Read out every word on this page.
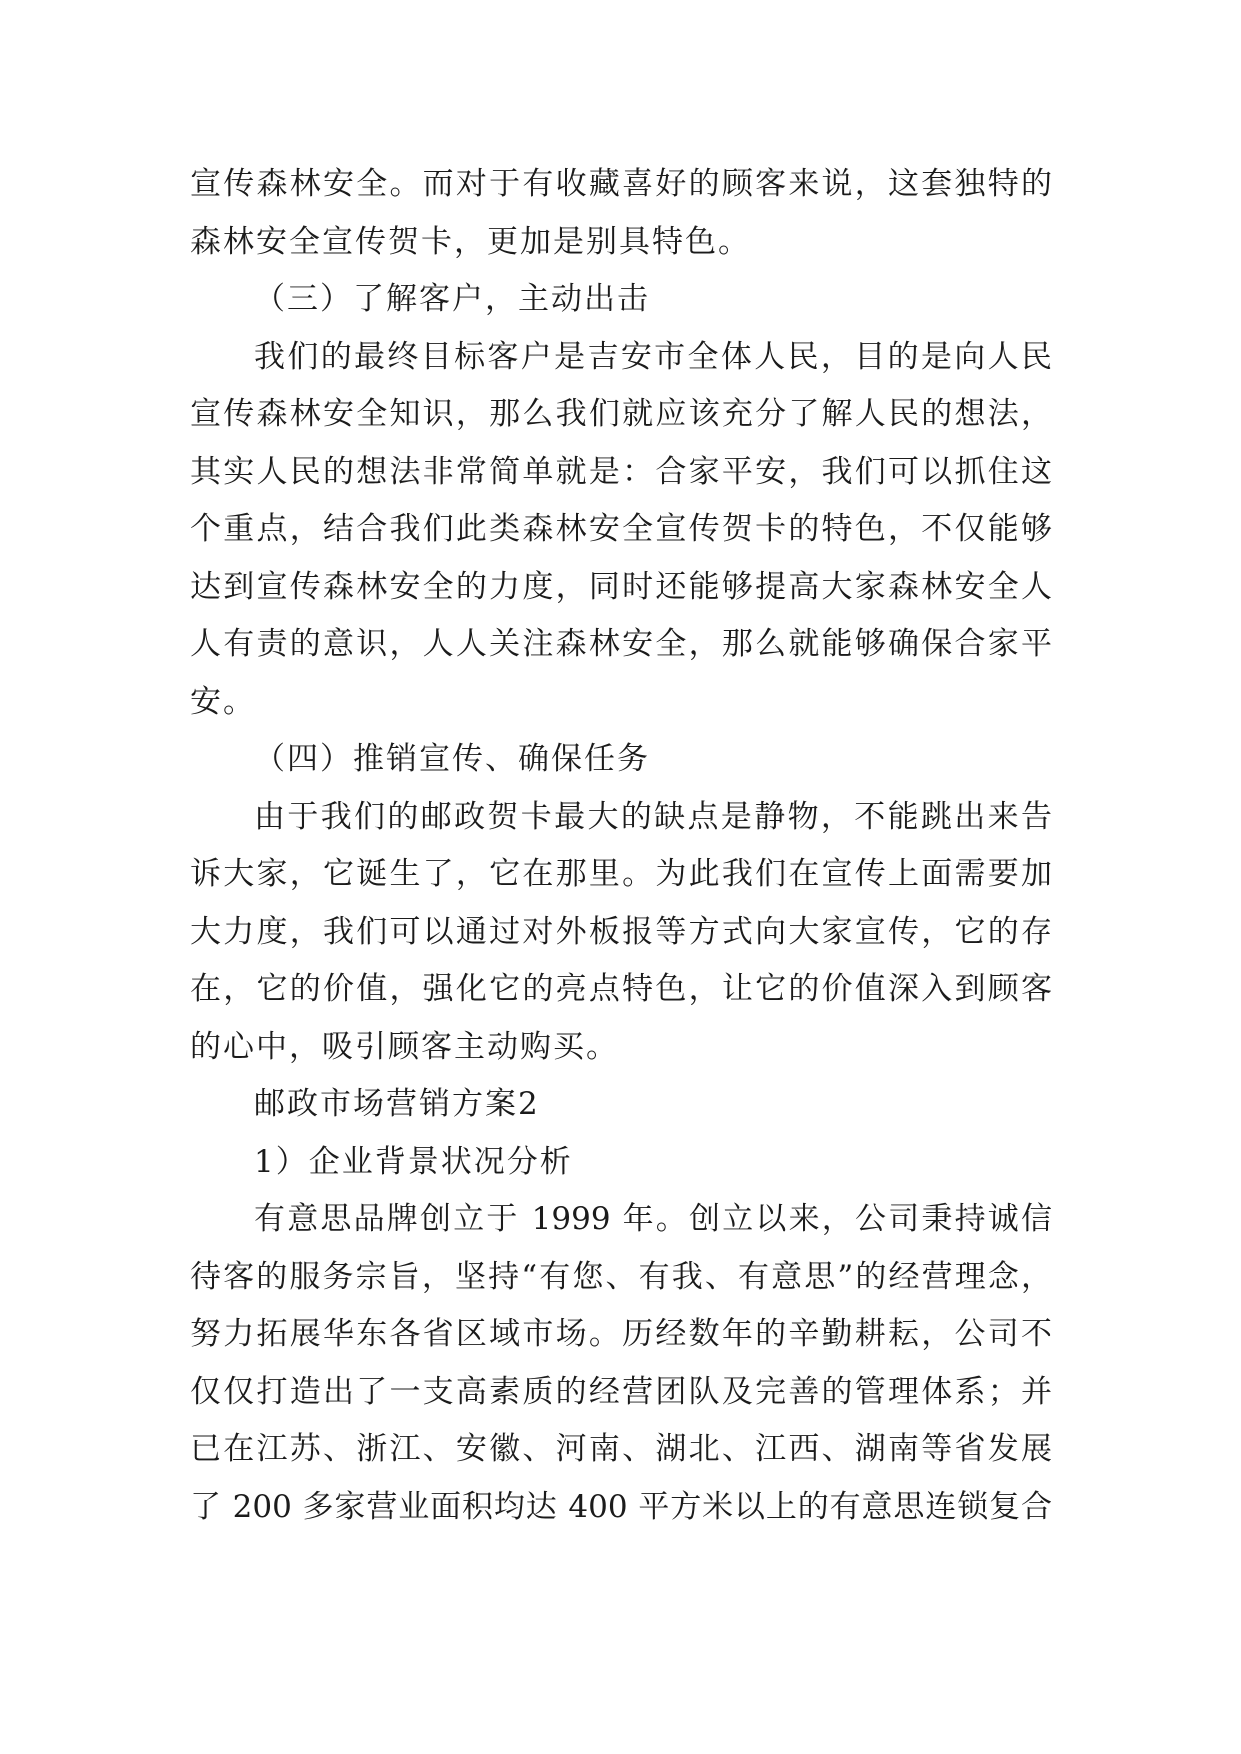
宣传森林安全。而对于有收藏喜好的顾客来说，这套独特的
森林安全宣传贺卡，更加是别具特色。
（三）了解客户，主动出击
我们的最终目标客户是吉安市全体人民，目的是向人民
宣传森林安全知识，那么我们就应该充分了解人民的想法，
其实人民的想法非常简单就是：合家平安，我们可以抓住这
个重点，结合我们此类森林安全宣传贺卡的特色，不仅能够
达到宣传森林安全的力度，同时还能够提高大家森林安全人
人有责的意识，人人关注森林安全，那么就能够确保合家平
安。
（四）推销宣传、确保任务
由于我们的邮政贺卡最大的缺点是静物，不能跳出来告
诉大家，它诞生了，它在那里。为此我们在宣传上面需要加
大力度，我们可以通过对外板报等方式向大家宣传，它的存
在，它的价值，强化它的亮点特色，让它的价值深入到顾客
的心中，吸引顾客主动购买。
邮政市场营销方案2
1）企业背景状况分析
有意思品牌创立于 1999 年。创立以来，公司秉持诚信
待客的服务宗旨，坚持“有您、有我、有意思”的经营理念，
努力拓展华东各省区域市场。历经数年的辛勤耕耘，公司不
仅仅打造出了一支高素质的经营团队及完善的管理体系；并
已在江苏、浙江、安徽、河南、湖北、江西、湖南等省发展
了 200 多家营业面积均达 400 平方米以上的有意思连锁复合
